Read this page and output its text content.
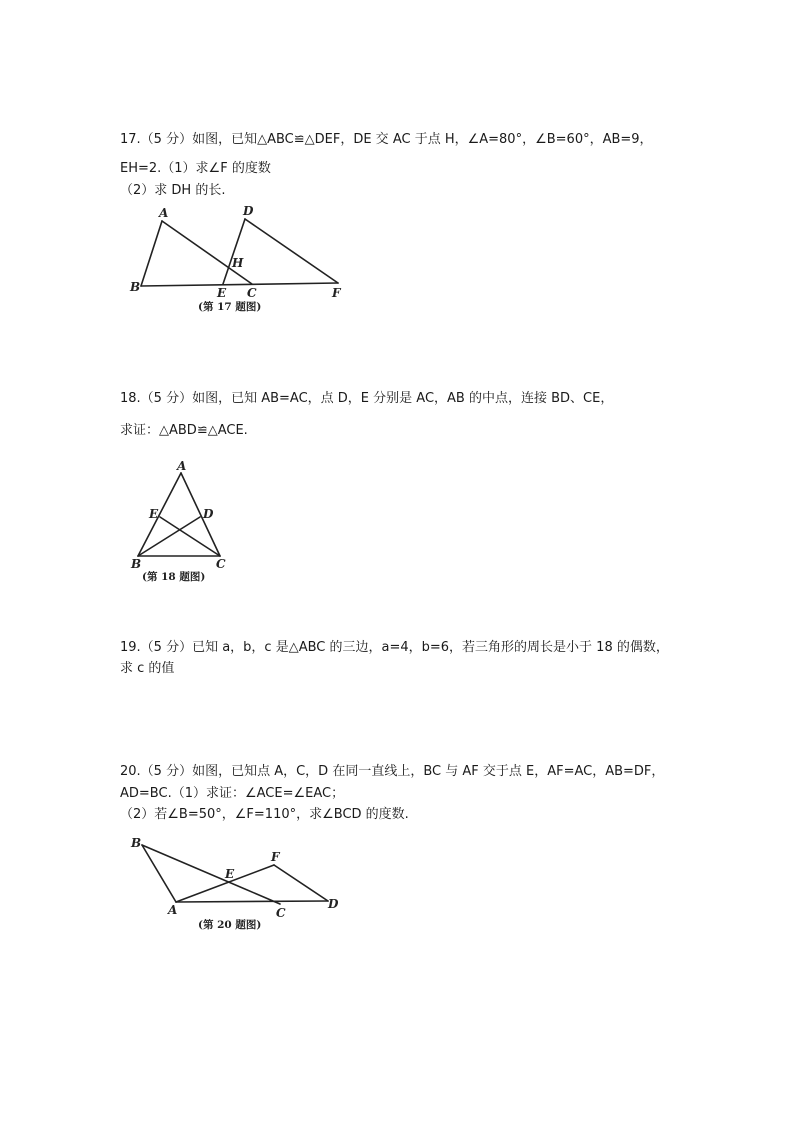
17.（5 分）如图，已知△ABC≌△DEF，DE 交 AC 于点 H，∠A=80°，∠B=60°，AB=9，
EH=2.（1）求∠F 的度数
（2）求 DH 的长.
A
B	C
D
E	F
H
(第 17 题图)
18.（5 分）如图，已知 AB=AC，点 D，E 分别是 AC，AB 的中点，连接 BD、CE，
求证：△ABD≌△ACE.
A
B	C
D
E
(第 18 题图)
19.（5 分）已知 a，b，c 是△ABC 的三边，a=4，b=6，若三角形的周长是小于 18 的偶数，
求 c 的值
20.（5 分）如图，已知点 A，C，D 在同一直线上，BC 与 AF 交于点 E，AF=AC，AB=DF，
AD=BC.（1）求证：∠ACE=∠EAC；
（2）若∠B=50°，∠F=110°，求∠BCD 的度数.
A
B
C
D
E
F
(第 20 题图)
